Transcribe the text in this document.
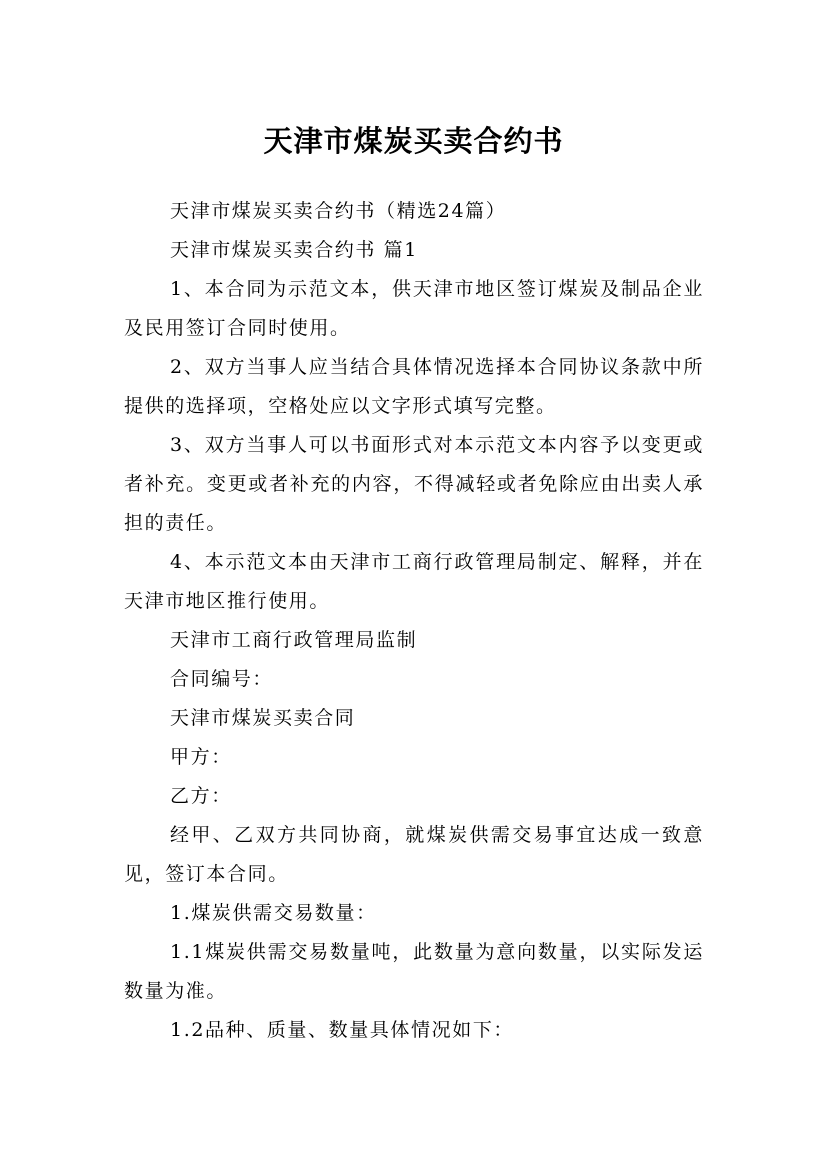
天津市煤炭买卖合约书

天津市煤炭买卖合约书（精选24篇）

天津市煤炭买卖合约书 篇1

1、本合同为示范文本，供天津市地区签订煤炭及制品企业及民用签订合同时使用。

2、双方当事人应当结合具体情况选择本合同协议条款中所提供的选择项，空格处应以文字形式填写完整。

3、双方当事人可以书面形式对本示范文本内容予以变更或者补充。变更或者补充的内容，不得减轻或者免除应由出卖人承担的责任。

4、本示范文本由天津市工商行政管理局制定、解释，并在天津市地区推行使用。

天津市工商行政管理局监制

合同编号：

天津市煤炭买卖合同

甲方：

乙方：

经甲、乙双方共同协商，就煤炭供需交易事宜达成一致意见，签订本合同。

1.煤炭供需交易数量：

1.1煤炭供需交易数量吨，此数量为意向数量，以实际发运数量为准。

1.2品种、质量、数量具体情况如下：
